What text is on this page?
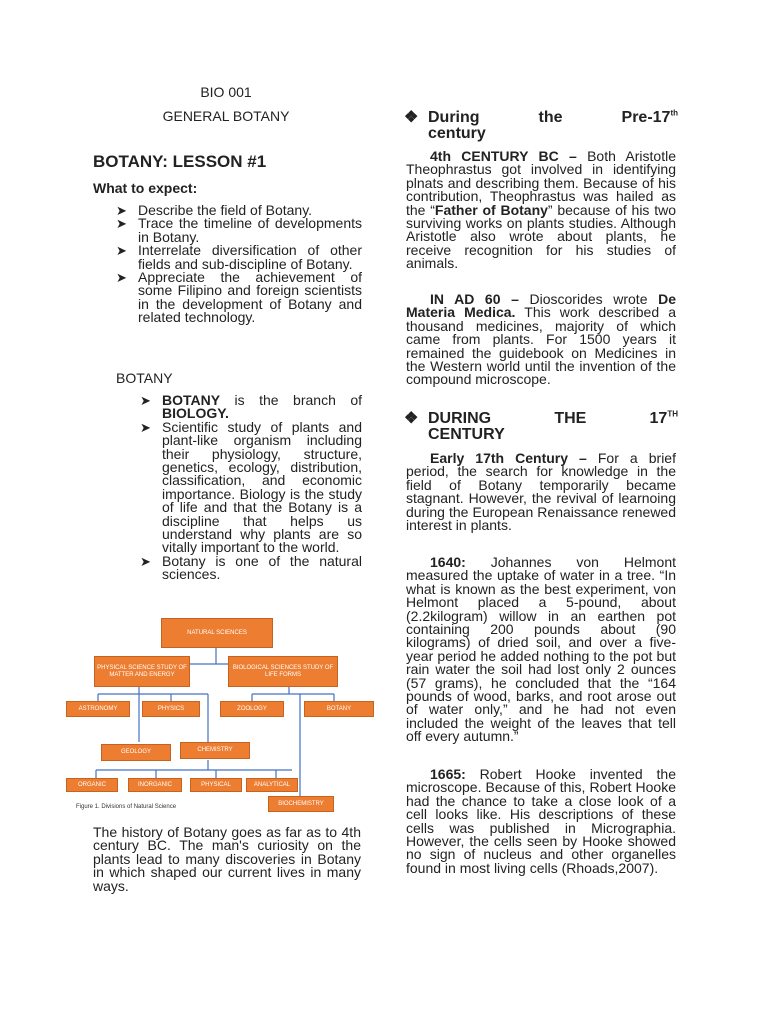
BIO 001
GENERAL BOTANY
BOTANY: LESSON #1
What to expect:
➤ Describe the field of Botany.
➤ Trace the timeline of developments in Botany.
➤ Interrelate diversification of other fields and sub-discipline of Botany.
➤ Appreciate the achievement of some Filipino and foreign scientists in the development of Botany and related technology.
BOTANY
➤ BOTANY is the branch of BIOLOGY.
➤ Scientific study of plants and plant-like organism including their physiology, structure, genetics, ecology, distribution, classification, and economic importance. Biology is the study of life and that the Botany is a discipline that helps us understand why plants are so vitally important to the world.
➤ Botany is one of the natural sciences.
The history of Botany goes as far as to 4th century BC. The man's curiosity on the plants lead to many discoveries in Botany in which shaped our current lives in many ways.
NATURAL SCIENCES
PHYSICAL SCIENCE STUDY OF MATTER AND ENERGY
BIOLOGICAL SCIENCES STUDY OF LIFE FORMS
ASTRONOMY	PHYSICS	ZOOLOGY	BOTANY
GEOLOGY	CHEMISTRY
ORGANIC	INORGANIC	PHYSICAL	ANALYTICAL
BIOCHEMISTRY
Figure 1. Divisions of Natural Science
❖ During	the	Pre-17th
century

4th CENTURY BC – Both Aristotle Theophrastus got involved in identifying plnats and describing them. Because of his contribution, Theophrastus was hailed as the “Father of Botany” because of his two surviving works on plants studies. Although Aristotle also wrote about plants, he receive recognition for his studies of animals.

IN AD 60 – Dioscorides wrote De Materia Medica. This work described a thousand medicines, majority of which came from plants. For 1500 years it remained the guidebook on Medicines in the Western world until the invention of the compound microscope.

❖ DURING	THE	17TH
CENTURY

Early 17th Century – For a brief period, the search for knowledge in the field of Botany temporarily became stagnant. However, the revival of learnoing during the European Renaissance renewed interest in plants.

1640: Johannes von Helmont measured the uptake of water in a tree. “In what is known as the best experiment, von Helmont placed a 5-pound, about (2.2kilogram) willow in an earthen pot containing 200 pounds about (90 kilograms) of dried soil, and over a five-year period he added nothing to the pot but rain water the soil had lost only 2 ounces (57 grams), he concluded that the “164 pounds of wood, barks, and root arose out of water only,” and he had not even included the weight of the leaves that tell off every autumn.”

1665: Robert Hooke invented the microscope. Because of this, Robert Hooke had the chance to take a close look of a cell looks like. His descriptions of these cells was published in Micrographia. However, the cells seen by Hooke showed no sign of nucleus and other organelles found in most living cells (Rhoads,2007).
